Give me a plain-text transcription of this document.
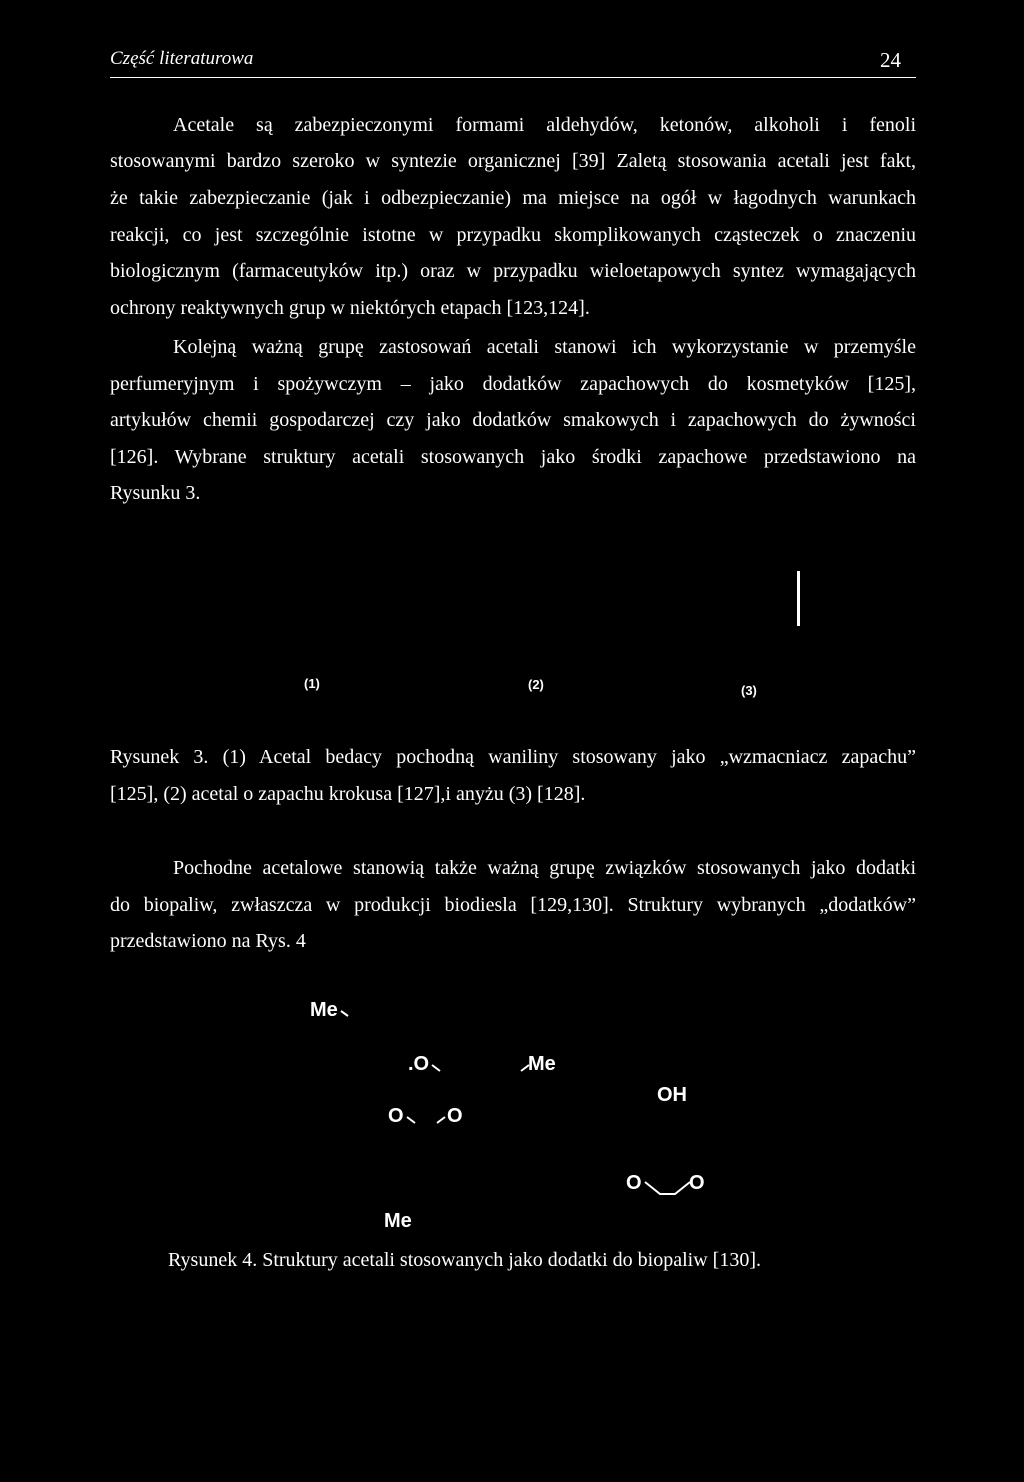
Część literaturowa	24
Acetale są zabezpieczonymi formami aldehydów, ketonów, alkoholi i fenoli
stosowanymi bardzo szeroko w syntezie organicznej [39] Zaletą stosowania acetali jest fakt,
że takie zabezpieczanie (jak i odbezpieczanie) ma miejsce na ogół w łagodnych warunkach
reakcji, co jest szczególnie istotne w przypadku skomplikowanych cząsteczek o znaczeniu
biologicznym (farmaceutyków itp.) oraz w przypadku wieloetapowych syntez wymagających
ochrony reaktywnych grup w niektórych etapach [123,124].
Kolejną ważną grupę zastosowań acetali stanowi ich wykorzystanie w przemyśle
perfumeryjnym i spożywczym – jako dodatków zapachowych do kosmetyków [125],
artykułów chemii gospodarczej czy jako dodatków smakowych i zapachowych do żywności
[126]. Wybrane struktury acetali stosowanych jako środki zapachowe przedstawiono na
Rysunku 3.
(1)	(2)	(3)
Rysunek 3. (1) Acetal bedacy pochodną waniliny stosowany jako „wzmacniacz zapachu”
[125], (2) acetal o zapachu krokusa [127],i anyżu (3) [128].
Pochodne acetalowe stanowią także ważną grupę związków stosowanych jako dodatki
do biopaliw, zwłaszcza w produkcji biodiesla [129,130]. Struktury wybranych „dodatków”
przedstawiono na Rys. 4
Me
.O	Me
O O
Me
OH
O O
Rysunek 4. Struktury acetali stosowanych jako dodatki do biopaliw [130].
